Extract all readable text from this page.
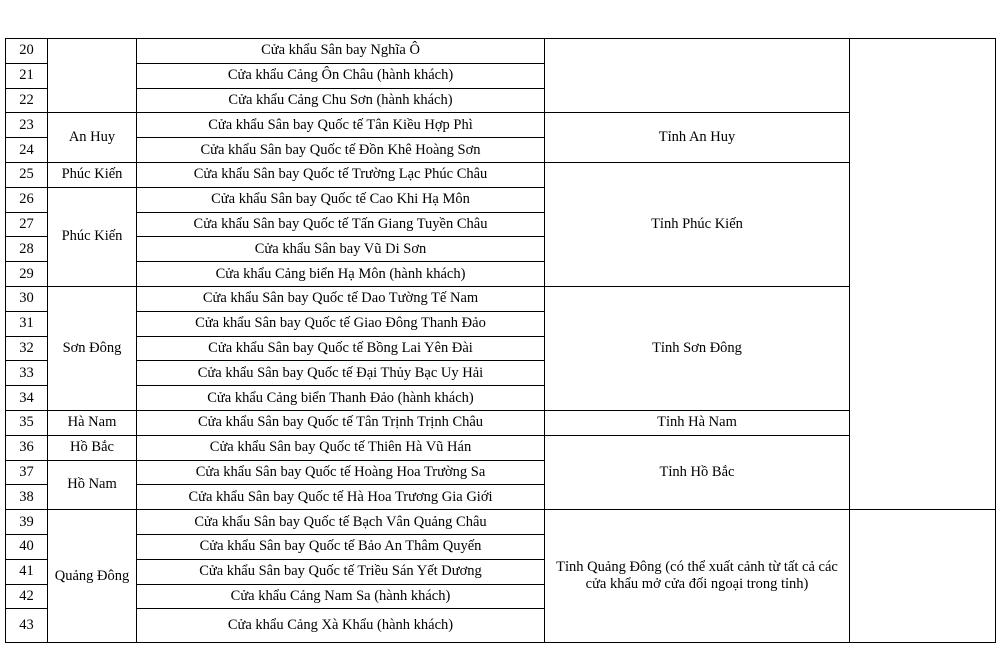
20		Cửa khẩu Sân bay Nghĩa Ô		
21		Cửa khẩu Cảng Ôn Châu (hành khách)		
22		Cửa khẩu Cảng Chu Sơn (hành khách)		
23	An Huy	Cửa khẩu Sân bay Quốc tế Tân Kiều Hợp Phì	Tỉnh An Huy	
24		Cửa khẩu Sân bay Quốc tế Đồn Khê Hoàng Sơn		
25	Phúc Kiến	Cửa khẩu Sân bay Quốc tế Trường Lạc Phúc Châu	Tỉnh Phúc Kiến	
26	Phúc Kiến	Cửa khẩu Sân bay Quốc tế Cao Khi Hạ Môn		
27		Cửa khẩu Sân bay Quốc tế Tấn Giang Tuyền Châu		
28		Cửa khẩu Sân bay Vũ Di Sơn		
29		Cửa khẩu Cảng biển Hạ Môn (hành khách)		
30	Sơn Đông	Cửa khẩu Sân bay Quốc tế Dao Tường Tế Nam	Tỉnh Sơn Đông	
31		Cửa khẩu Sân bay Quốc tế Giao Đông Thanh Đảo		
32		Cửa khẩu Sân bay Quốc tế Bồng Lai Yên Đài		
33		Cửa khẩu Sân bay Quốc tế Đại Thủy Bạc Uy Hải		
34		Cửa khẩu Cảng biển Thanh Đảo (hành khách)		
35	Hà Nam	Cửa khẩu Sân bay Quốc tế Tân Trịnh Trịnh Châu	Tỉnh Hà Nam	
36	Hồ Bắc	Cửa khẩu Sân bay Quốc tế Thiên Hà Vũ Hán	Tỉnh Hồ Bắc	
37	Hồ Nam	Cửa khẩu Sân bay Quốc tế Hoàng Hoa Trường Sa		
38		Cửa khẩu Sân bay Quốc tế Hà Hoa Trương Gia Giới		
39	Quảng Đông	Cửa khẩu Sân bay Quốc tế Bạch Vân Quảng Châu	Tỉnh Quảng Đông (có thể xuất cảnh từ tất cả các cửa khẩu mở cửa đối ngoại trong tỉnh)	
40		Cửa khẩu Sân bay Quốc tế Bảo An Thâm Quyến		
41		Cửa khẩu Sân bay Quốc tế Triều Sán Yết Dương		
42		Cửa khẩu Cảng Nam Sa (hành khách)		
43		Cửa khẩu Cảng Xà Khẩu (hành khách)		
